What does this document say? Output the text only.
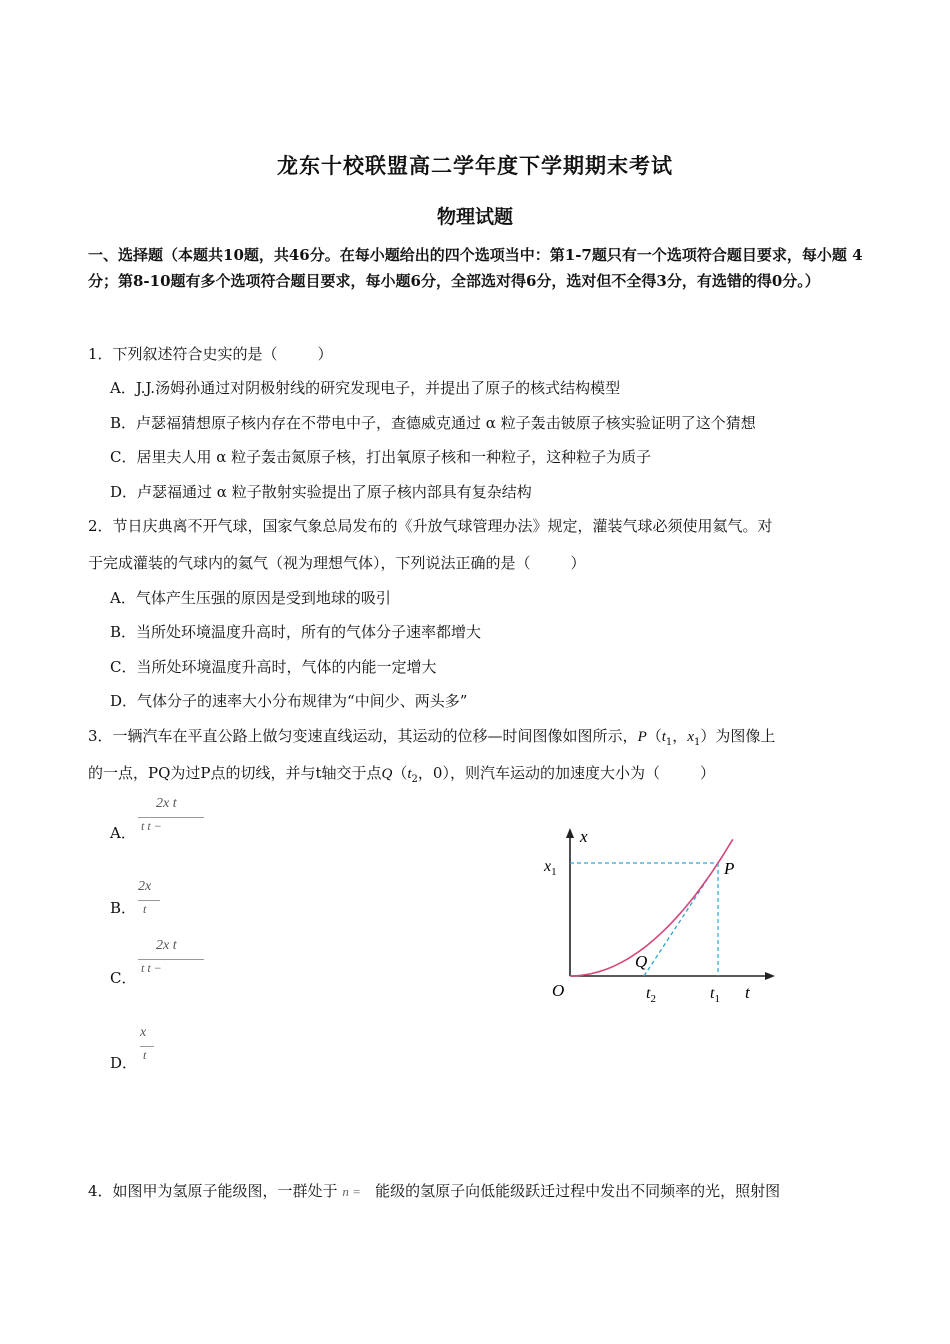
龙东十校联盟高二学年度下学期期末考试
物理试题
一、选择题（本题共10题，共46分。在每小题给出的四个选项当中：第1-7题只有一个选项符合题目要求，每小题 4 分；第8-10题有多个选项符合题目要求，每小题6分，全部选对得6分，选对但不全得3分，有选错的得0分。）
1．下列叙述符合史实的是（	）
A．J.J.汤姆孙通过对阴极射线的研究发现电子，并提出了原子的核式结构模型
B．卢瑟福猜想原子核内存在不带电中子，查德威克通过 α 粒子轰击铍原子核实验证明了这个猜想
C．居里夫人用 α 粒子轰击氮原子核，打出氧原子核和一种粒子，这种粒子为质子
D．卢瑟福通过 α 粒子散射实验提出了原子核内部具有复杂结构
2．节日庆典离不开气球，国家气象总局发布的《升放气球管理办法》规定，灌装气球必须使用氦气。对
于完成灌装的气球内的氦气（视为理想气体），下列说法正确的是（	）
A．气体产生压强的原因是受到地球的吸引
B．当所处环境温度升高时，所有的气体分子速率都增大
C．当所处环境温度升高时，气体的内能一定增大
D．气体分子的速率大小分布规律为“中间少、两头多”
3．一辆汽车在平直公路上做匀变速直线运动，其运动的位移—时间图像如图所示，$P(t_1$，$x_1$）为图像上
的一点，PQ为过P点的切线，并与t轴交于点$Q(t_2$，0），则汽车运动的加速度大小为（	）
A．
2x t
t t −
B．
2x
t
C．
2x t
t t −
D．
x
t
x
t
O
P
Q
$x_1$
$t_2$	$t_1$
4．如图甲为氢原子能级图，一群处于 n = 能级的氢原子向低能级跃迁过程中发出不同频率的光，照射图
